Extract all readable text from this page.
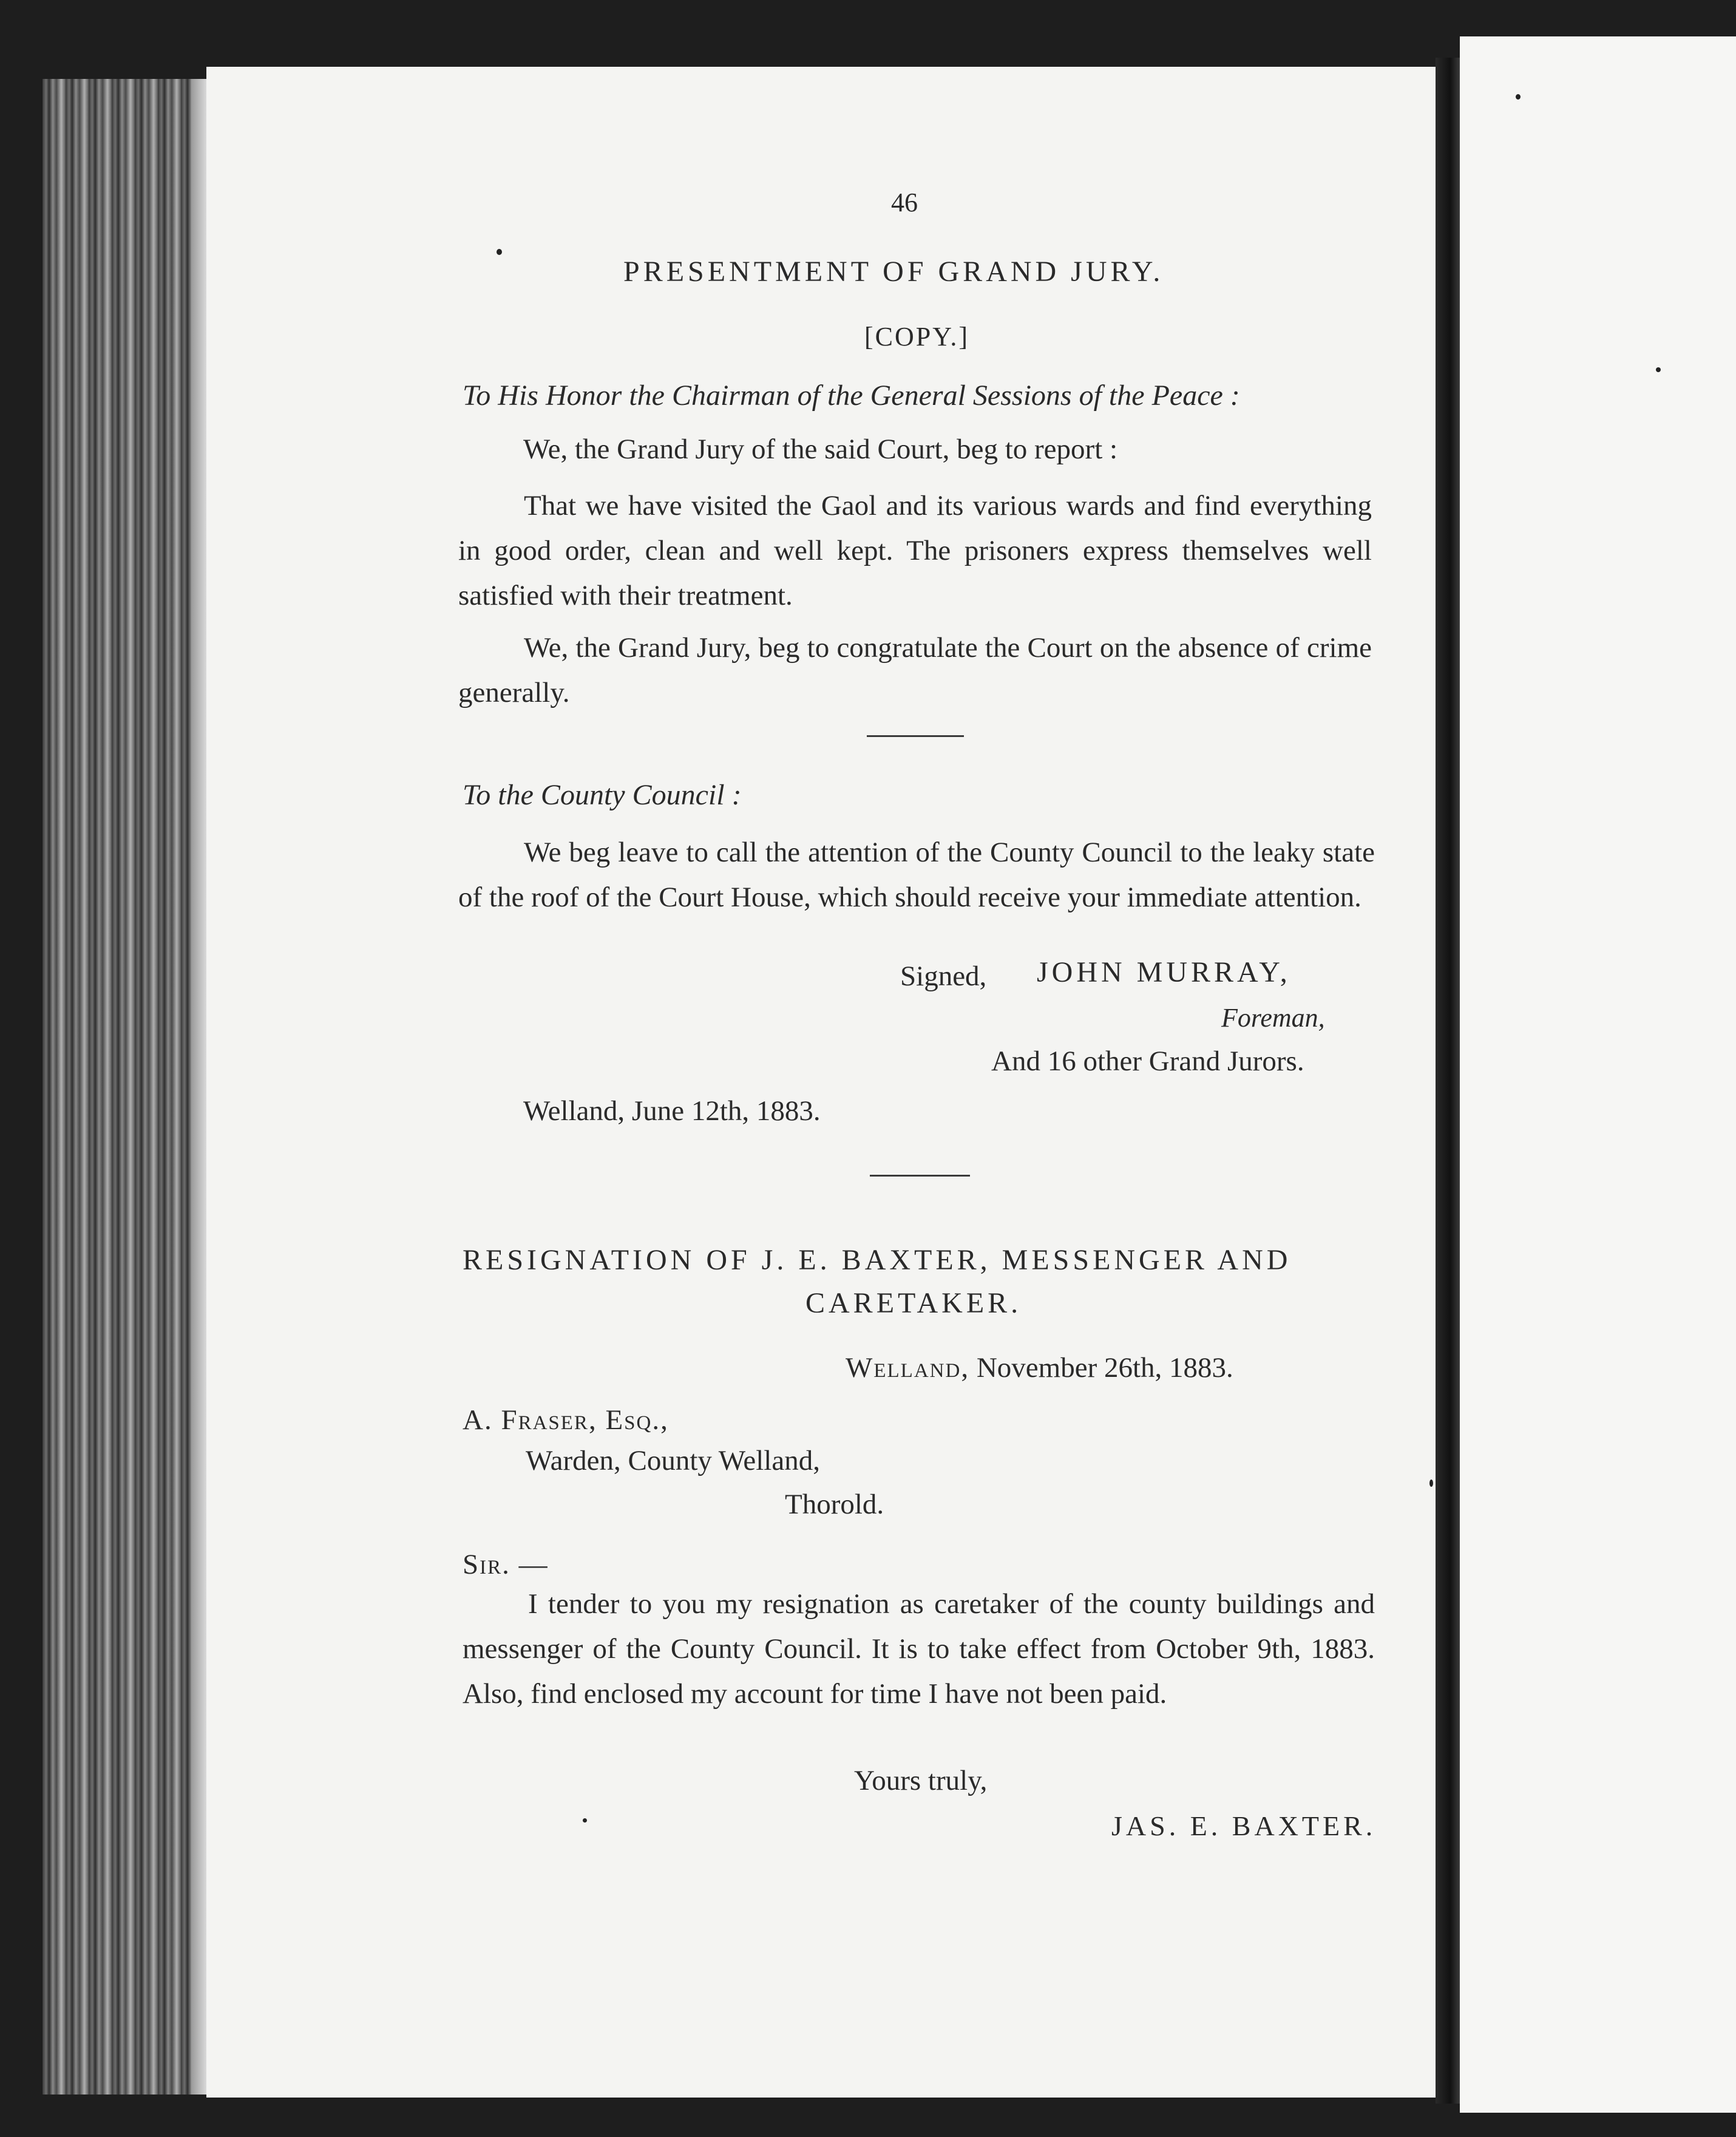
46
PRESENTMENT OF GRAND JURY.
[COPY.]
To His Honor the Chairman of the General Sessions of the Peace :
We, the Grand Jury of the said Court, beg to report :
That we have visited the Gaol and its various wards and find everything in good order, clean and well kept. The prisoners express themselves well satisfied with their treatment.
We, the Grand Jury, beg to congratulate the Court on the absence of crime generally.
To the County Council :
We beg leave to call the attention of the County Council to the leaky state of the roof of the Court House, which should receive your immediate attention.
Signed, JOHN MURRAY,
Foreman,
And 16 other Grand Jurors.
Welland, June 12th, 1883.
RESIGNATION OF J. E. BAXTER, MESSENGER AND
CARETAKER.
Welland, November 26th, 1883.
A. Fraser, Esq.,
Warden, County Welland,
Thorold.
Sir. —
I tender to you my resignation as caretaker of the county buildings and messenger of the County Council. It is to take effect from October 9th, 1883. Also, find enclosed my account for time I have not been paid.
Yours truly,
JAS. E. BAXTER.
